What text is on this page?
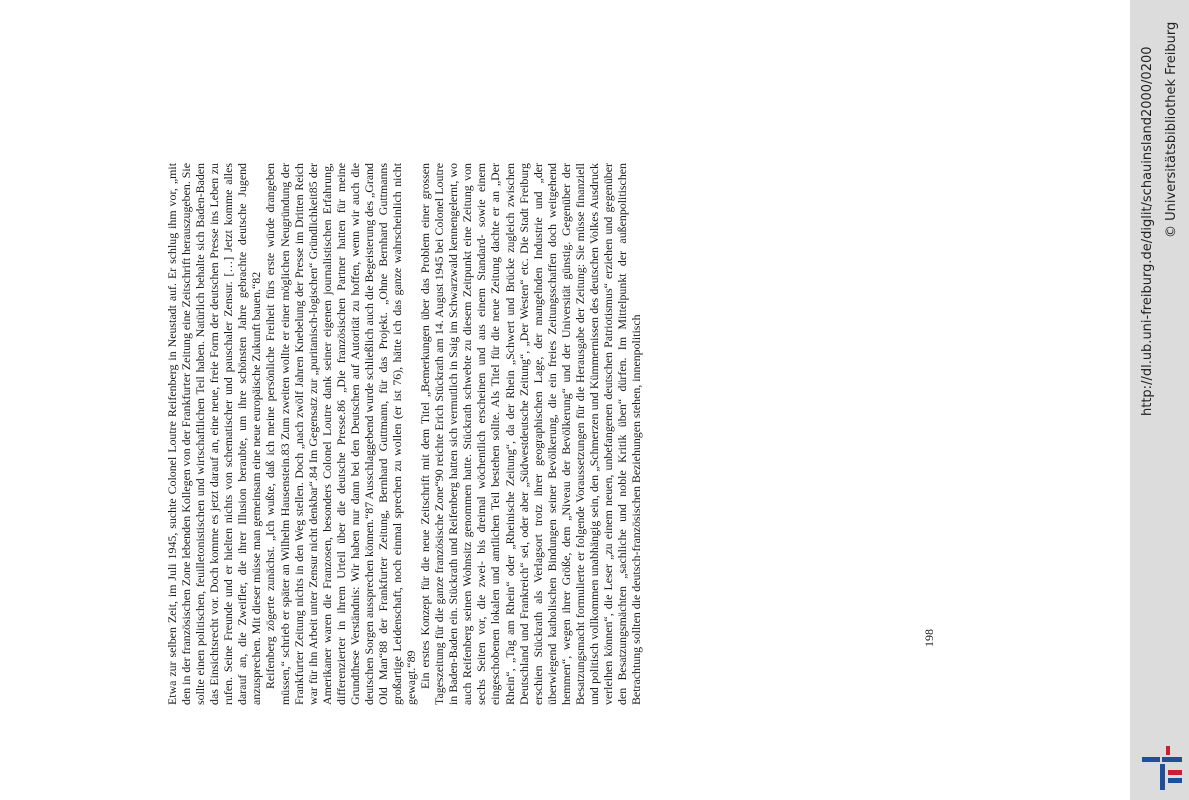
Etwa zur selben Zeit, im Juli 1945, suchte Colonel Loutre Reifenberg in Neustadt auf. Er schlug ihm vor, „mit den in der französischen Zone lebenden Kollegen von der Frankfurter Zeitung eine Zeitschrift herauszugeben. Sie sollte einen politischen, feuilletonistischen und wirtschaftlichen Teil haben. Natürlich behalte sich Baden-Baden das Einsichtsrecht vor. Doch komme es jetzt darauf an, eine neue, freie Form der deutschen Presse ins Leben zu rufen. Seine Freunde und er hielten nichts von schematischer und pauschaler Zensur. […] Jetzt komme alles darauf an, die Zweifler, die ihrer Illusion beraubte, um ihre schönsten Jahre gebrachte deutsche Jugend anzusprechen. Mit dieser müsse man gemeinsam eine neue europäische Zukunft bauen.“82 Reifenberg zögerte zunächst. „Ich wußte, daß ich meine persönliche Freiheit fürs erste würde drangeben müssen,“ schrieb er später an Wilhelm Hausenstein.83 Zum zweiten wollte er einer möglichen Neugründung der Frankfurter Zeitung nichts in den Weg stellen. Doch „nach zwölf Jahren Knebelung der Presse im Dritten Reich war für ihn Arbeit unter Zensur nicht denkbar“.84 Im Gegensatz zur „puritanisch-logischen“ Gründlichkeit85 der Amerikaner waren die Franzosen, besonders Colonel Loutre dank seiner eigenen journalistischen Erfahrung, differenzierter in ihrem Urteil über die deutsche Presse.86 „Die französischen Partner hatten für meine Grundthese Verständnis: Wir haben nur dann bei den Deutschen auf Autorität zu hoffen, wenn wir auch die deutschen Sorgen aussprechen können.“87 Ausschlaggebend wurde schließlich auch die Begeisterung des „Grand Old Man“88 der Frankfurter Zeitung, Bernhard Guttmann, für das Projekt. „Ohne Bernhard Guttmanns großartige Leidenschaft, noch einmal sprechen zu wollen (er ist 76), hätte ich das ganze wahrscheinlich nicht gewagt.“89 Ein erstes Konzept für die neue Zeitschrift mit dem Titel „Bemerkungen über das Problem einer grossen Tageszeitung für die ganze französische Zone“90 reichte Erich Stückrath am 14. August 1945 bei Colonel Loutre in Baden-Baden ein. Stückrath und Reifenberg hatten sich vermutlich in Saig im Schwarzwald kennengelernt, wo auch Reifenberg seinen Wohnsitz genommen hatte. Stückrath schwebte zu diesem Zeitpunkt eine Zeitung von sechs Seiten vor, die zwei- bis dreimal wöchentlich erscheinen und aus einem Standard- sowie einem eingeschobenen lokalen und amtlichen Teil bestehen sollte. Als Titel für die neue Zeitung dachte er an „Der Rhein“, „Tag am Rhein“ oder „Rheinische Zeitung“, da der Rhein „Schwert und Brücke zugleich zwischen Deutschland und Frankreich“ sei, oder aber „Südwestdeutsche Zeitung“, „Der Westen“ etc. Die Stadt Freiburg erschien Stückrath als Verlagsort trotz ihrer geographischen Lage, der mangelnden Industrie und „der überwiegend katholischen Bindungen seiner Bevölkerung, die ein freies Zeitungsschaffen doch weitgehend hemmen“, wegen ihrer Größe, dem „Niveau der Bevölkerung“ und der Universität günstig. Gegenüber der Besatzungsmacht formulierte er folgende Voraussetzungen für die Herausgabe der Zeitung: Sie müsse finanziell und politisch vollkommen unabhängig sein, den „Schmerzen und Kümmernissen des deutschen Volkes Ausdruck verleihen können“, die Leser „zu einem neuen, unbefangenen deutschen Patriotismus“ erziehen und gegenüber den Besatzungsmächten „sachliche und noble Kritik üben“ dürfen. Im Mittelpunkt der außenpolitischen Betrachtung sollten die deutsch-französischen Beziehungen stehen, innenpolitisch	198
http://dl.ub.uni-freiburg.de/diglit/schauinsland2000/0200 © Universitätsbibliothek Freiburg
